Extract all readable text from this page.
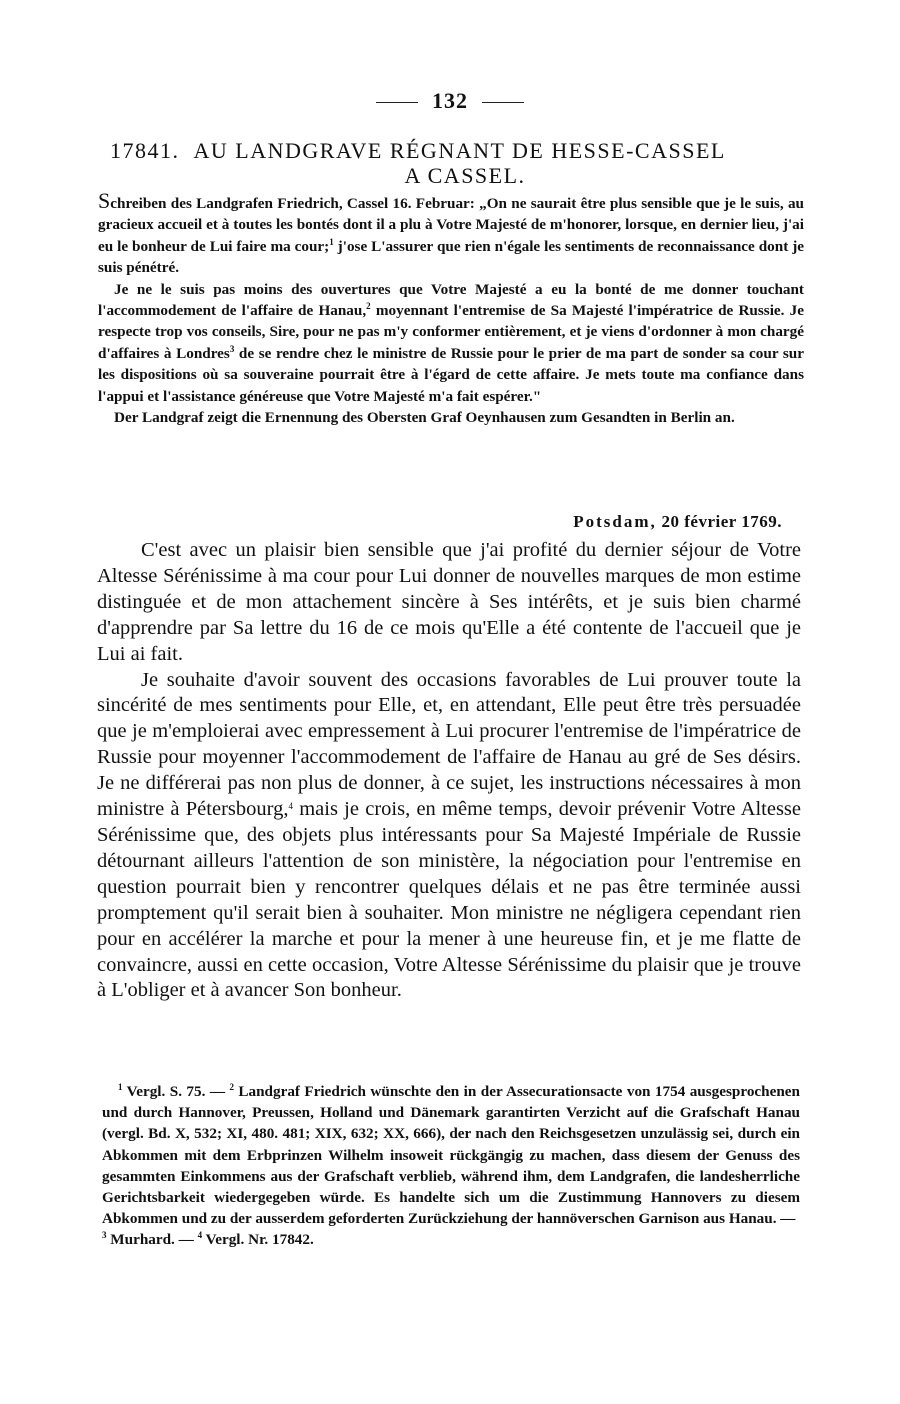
132
17841. AU LANDGRAVE RÉGNANT DE HESSE-CASSEL
A CASSEL.

Schreiben des Landgrafen Friedrich, Cassel 16. Februar: „On ne saurait être plus sensible que je le suis, au gracieux accueil et à toutes les bontés dont il a plu à Votre Majesté de m'honorer, lorsque, en dernier lieu, j'ai eu le bonheur de Lui faire ma cour;$^1$ j'ose L'assurer que rien n'égale les sentiments de reconnaissance dont je suis pénétré.

Je ne le suis pas moins des ouvertures que Votre Majesté a eu la bonté de me donner touchant l'accommodement de l'affaire de Hanau,$^2$ moyennant l'entremise de Sa Majesté l'impératrice de Russie. Je respecte trop vos conseils, Sire, pour ne pas m'y conformer entièrement, et je viens d'ordonner à mon chargé d'affaires à Londres$^3$ de se rendre chez le ministre de Russie pour le prier de ma part de sonder sa cour sur les dispositions où sa souveraine pourrait être à l'égard de cette affaire. Je mets toute ma confiance dans l'appui et l'assistance généreuse que Votre Majesté m'a fait espérer."

Der Landgraf zeigt die Ernennung des Obersten Graf Oeynhausen zum Gesandten in Berlin an.

Potsdam, 20 février 1769.

C'est avec un plaisir bien sensible que j'ai profité du dernier séjour de Votre Altesse Sérénissime à ma cour pour Lui donner de nouvelles marques de mon estime distinguée et de mon attachement sincère à Ses intérêts, et je suis bien charmé d'apprendre par Sa lettre du 16 de ce mois qu'Elle a été contente de l'accueil que je Lui ai fait.

Je souhaite d'avoir souvent des occasions favorables de Lui prouver toute la sincérité de mes sentiments pour Elle, et, en attendant, Elle peut être très persuadée que je m'emploierai avec empressement à Lui procurer l'entremise de l'impératrice de Russie pour moyenner l'accommodement de l'affaire de Hanau au gré de Ses désirs. Je ne différerai pas non plus de donner, à ce sujet, les instructions nécessaires à mon ministre à Pétersbourg,$^4$ mais je crois, en même temps, devoir prévenir Votre Altesse Sérénissime que, des objets plus intéressants pour Sa Majesté Impériale de Russie détournant ailleurs l'attention de son ministère, la négociation pour l'entremise en question pourrait bien y rencontrer quelques délais et ne pas être terminée aussi promptement qu'il serait bien à souhaiter. Mon ministre ne négligera cependant rien pour en accélérer la marche et pour la mener à une heureuse fin, et je me flatte de convaincre, aussi en cette occasion, Votre Altesse Sérénissime du plaisir que je trouve à L'obliger et à avancer Son bonheur.

$^1$ Vergl. S. 75. — $^2$ Landgraf Friedrich wünschte den in der Assecurationsacte von 1754 ausgesprochenen und durch Hannover, Preussen, Holland und Dänemark garantirten Verzicht auf die Grafschaft Hanau (vergl. Bd. X, 532; XI, 480. 481; XIX, 632; XX, 666), der nach den Reichsgesetzen unzulässig sei, durch ein Abkommen mit dem Erbprinzen Wilhelm insoweit rückgängig zu machen, dass diesem der Genuss des gesammten Einkommens aus der Grafschaft verblieb, während ihm, dem Landgrafen, die landesherrliche Gerichtsbarkeit wiedergegeben würde. Es handelte sich um die Zustimmung Hannovers zu diesem Abkommen und zu der ausserdem geforderten Zurückziehung der hannöverschen Garnison aus Hanau. —
$^3$ Murhard. — $^4$ Vergl. Nr. 17842.
